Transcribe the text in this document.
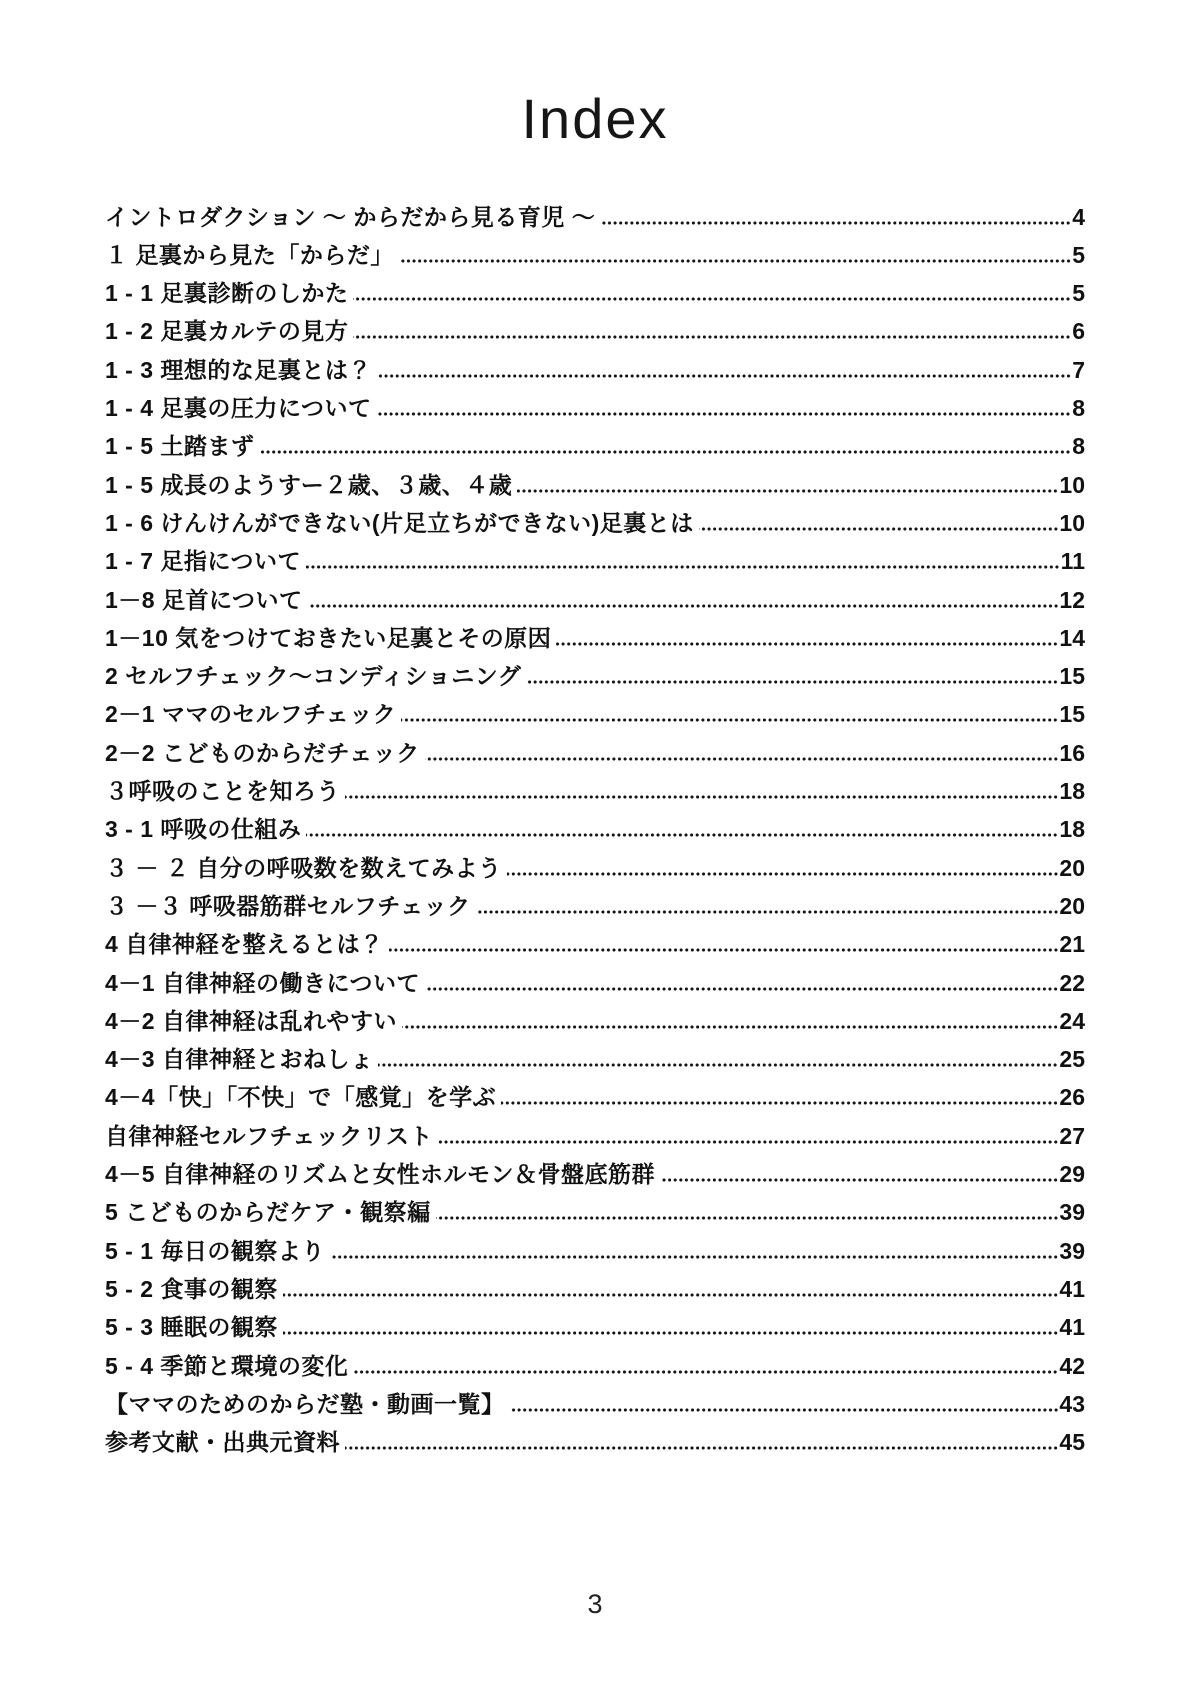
Index
イントロダクション 〜 からだから見る育児 〜	4
１ 足裏から見た「からだ」	5
1 - 1 足裏診断のしかた	5
1 - 2 足裏カルテの見方	6
1 - 3 理想的な足裏とは？	7
1 - 4 足裏の圧力について	8
1 - 5 土踏まず	8
1 - 5 成長のようすー２歳、３歳、４歳	10
1 - 6 けんけんができない(片足立ちができない)足裏とは	10
1 - 7 足指について	11
1－8 足首について	12
1－10 気をつけておきたい足裏とその原因	14
2 セルフチェック〜コンディショニング	15
2－1 ママのセルフチェック	15
2－2 こどものからだチェック	16
３呼吸のことを知ろう	18
3 - 1 呼吸の仕組み	18
３ － ２ 自分の呼吸数を数えてみよう	20
３ －３ 呼吸器筋群セルフチェック	20
4 自律神経を整えるとは？	21
4－1 自律神経の働きについて	22
4－2 自律神経は乱れやすい	24
4－3 自律神経とおねしょ	25
4－4「快」「不快」で「感覚」を学ぶ	26
自律神経セルフチェックリスト	27
4－5 自律神経のリズムと女性ホルモン＆骨盤底筋群	29
5 こどものからだケア・観察編	39
5 - 1 毎日の観察より	39
5 - 2 食事の観察	41
5 - 3 睡眠の観察	41
5 - 4 季節と環境の変化	42
【ママのためのからだ塾・動画一覧】	43
参考文献・出典元資料	45
3
